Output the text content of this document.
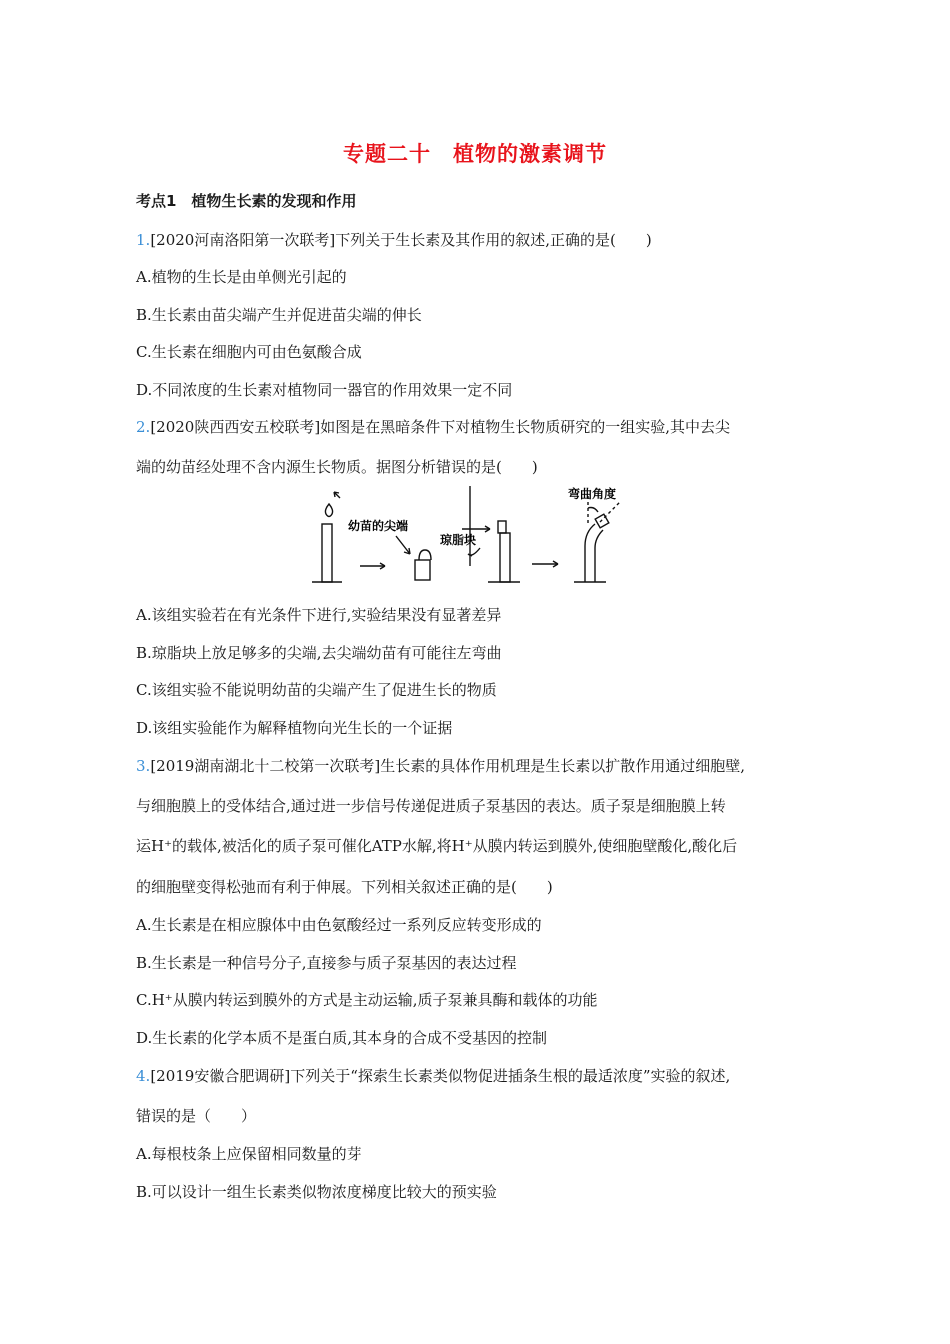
专题二十　植物的激素调节
考点1　植物生长素的发现和作用
1.[2020河南洛阳第一次联考]下列关于生长素及其作用的叙述,正确的是(　　)
A.植物的生长是由单侧光引起的
B.生长素由苗尖端产生并促进苗尖端的伸长
C.生长素在细胞内可由色氨酸合成
D.不同浓度的生长素对植物同一器官的作用效果一定不同
2.[2020陕西西安五校联考]如图是在黑暗条件下对植物生长物质研究的一组实验,其中去尖
端的幼苗经处理不含内源生长物质。据图分析错误的是(　　)
幼苗的尖端
琼脂块
弯曲角度
A.该组实验若在有光条件下进行,实验结果没有显著差异
B.琼脂块上放足够多的尖端,去尖端幼苗有可能往左弯曲
C.该组实验不能说明幼苗的尖端产生了促进生长的物质
D.该组实验能作为解释植物向光生长的一个证据
3.[2019湖南湖北十二校第一次联考]生长素的具体作用机理是生长素以扩散作用通过细胞壁,
与细胞膜上的受体结合,通过进一步信号传递促进质子泵基因的表达。质子泵是细胞膜上转
运H⁺的载体,被活化的质子泵可催化ATP水解,将H⁺从膜内转运到膜外,使细胞壁酸化,酸化后
的细胞壁变得松弛而有利于伸展。下列相关叙述正确的是(　　)
A.生长素是在相应腺体中由色氨酸经过一系列反应转变形成的
B.生长素是一种信号分子,直接参与质子泵基因的表达过程
C.H⁺从膜内转运到膜外的方式是主动运输,质子泵兼具酶和载体的功能
D.生长素的化学本质不是蛋白质,其本身的合成不受基因的控制
4.[2019安徽合肥调研]下列关于“探索生长素类似物促进插条生根的最适浓度”实验的叙述,
错误的是（　　）
A.每根枝条上应保留相同数量的芽
B.可以设计一组生长素类似物浓度梯度比较大的预实验
